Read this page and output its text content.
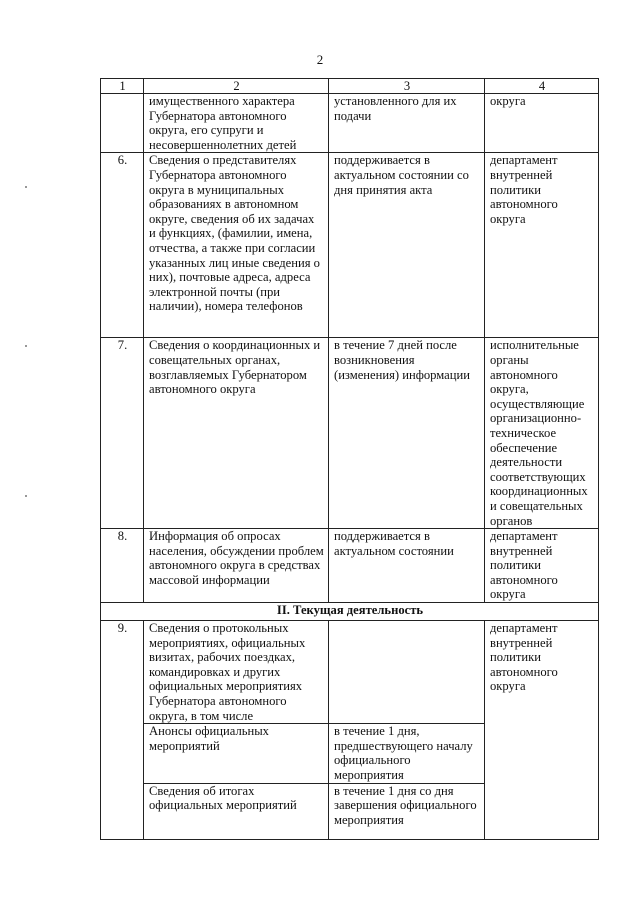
2
1	2	3	4
	имущественного характера Губернатора автономного округа, его супруги и несовершеннолетних детей	установленного для их подачи	округа
6.	Сведения о представителях Губернатора автономного округа в муниципальных образованиях в автономном округе, сведения об их задачах и функциях, (фамилии, имена, отчества, а также при согласии указанных лиц иные сведения о них), почтовые адреса, адреса электронной почты (при наличии), номера телефонов	поддерживается в актуальном состоянии со дня принятия акта	департамент внутренней политики автономного округа
7.	Сведения о координационных и совещательных органах, возглавляемых Губернатором автономного округа	в течение 7 дней после возникновения (изменения) информации	исполнительные органы автономного округа, осуществляющие организационно-техническое обеспечение деятельности соответствующих координационных и совещательных органов
8.	Информация об опросах населения, обсуждении проблем автономного округа в средствах массовой информации	поддерживается в актуальном состоянии	департамент внутренней политики автономного округа
II. Текущая деятельность			
9.	Сведения о протокольных мероприятиях, официальных визитах, рабочих поездках, командировках и других официальных мероприятиях Губернатора автономного округа, в том числе		департамент внутренней политики автономного округа
	Анонсы официальных мероприятий	в течение 1 дня, предшествующего началу официального мероприятия	
	Сведения об итогах официальных мероприятий	в течение 1 дня со дня завершения официального мероприятия	
